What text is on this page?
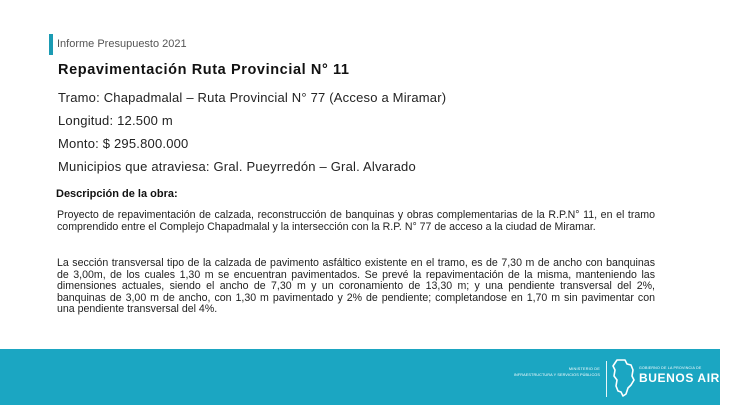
Informe Presupuesto 2021
Repavimentación Ruta Provincial N° 11
Tramo: Chapadmalal – Ruta Provincial N° 77 (Acceso a Miramar)
Longitud: 12.500 m
Monto: $ 295.800.000
Municipios que atraviesa: Gral. Pueyrredón – Gral. Alvarado
Descripción de la obra:

Proyecto de repavimentación de calzada, reconstrucción de banquinas y obras complementarias de la R.P.N° 11, en el tramo comprendido entre el Complejo Chapadmalal y la intersección con la R.P. N° 77 de acceso a la ciudad de Miramar.

La sección transversal tipo de la calzada de pavimento asfáltico existente en el tramo, es de 7,30 m de ancho con banquinas de 3,00m, de los cuales 1,30 m se encuentran pavimentados. Se prevé la repavimentación de la misma, manteniendo las dimensiones actuales, siendo el ancho de 7,30 m y un coronamiento de 13,30 m; y una pendiente transversal del 2%, banquinas de 3,00 m de ancho, con 1,30 m pavimentado y 2% de pendiente; completandose en 1,70 m sin pavimentar con una pendiente transversal del 4%.

MINISTERIO DE
INFRAESTRUCTURA Y SERVICIOS PÚBLICOS
GOBIERNO DE LA PROVINCIA DE
BUENOS AIRES
